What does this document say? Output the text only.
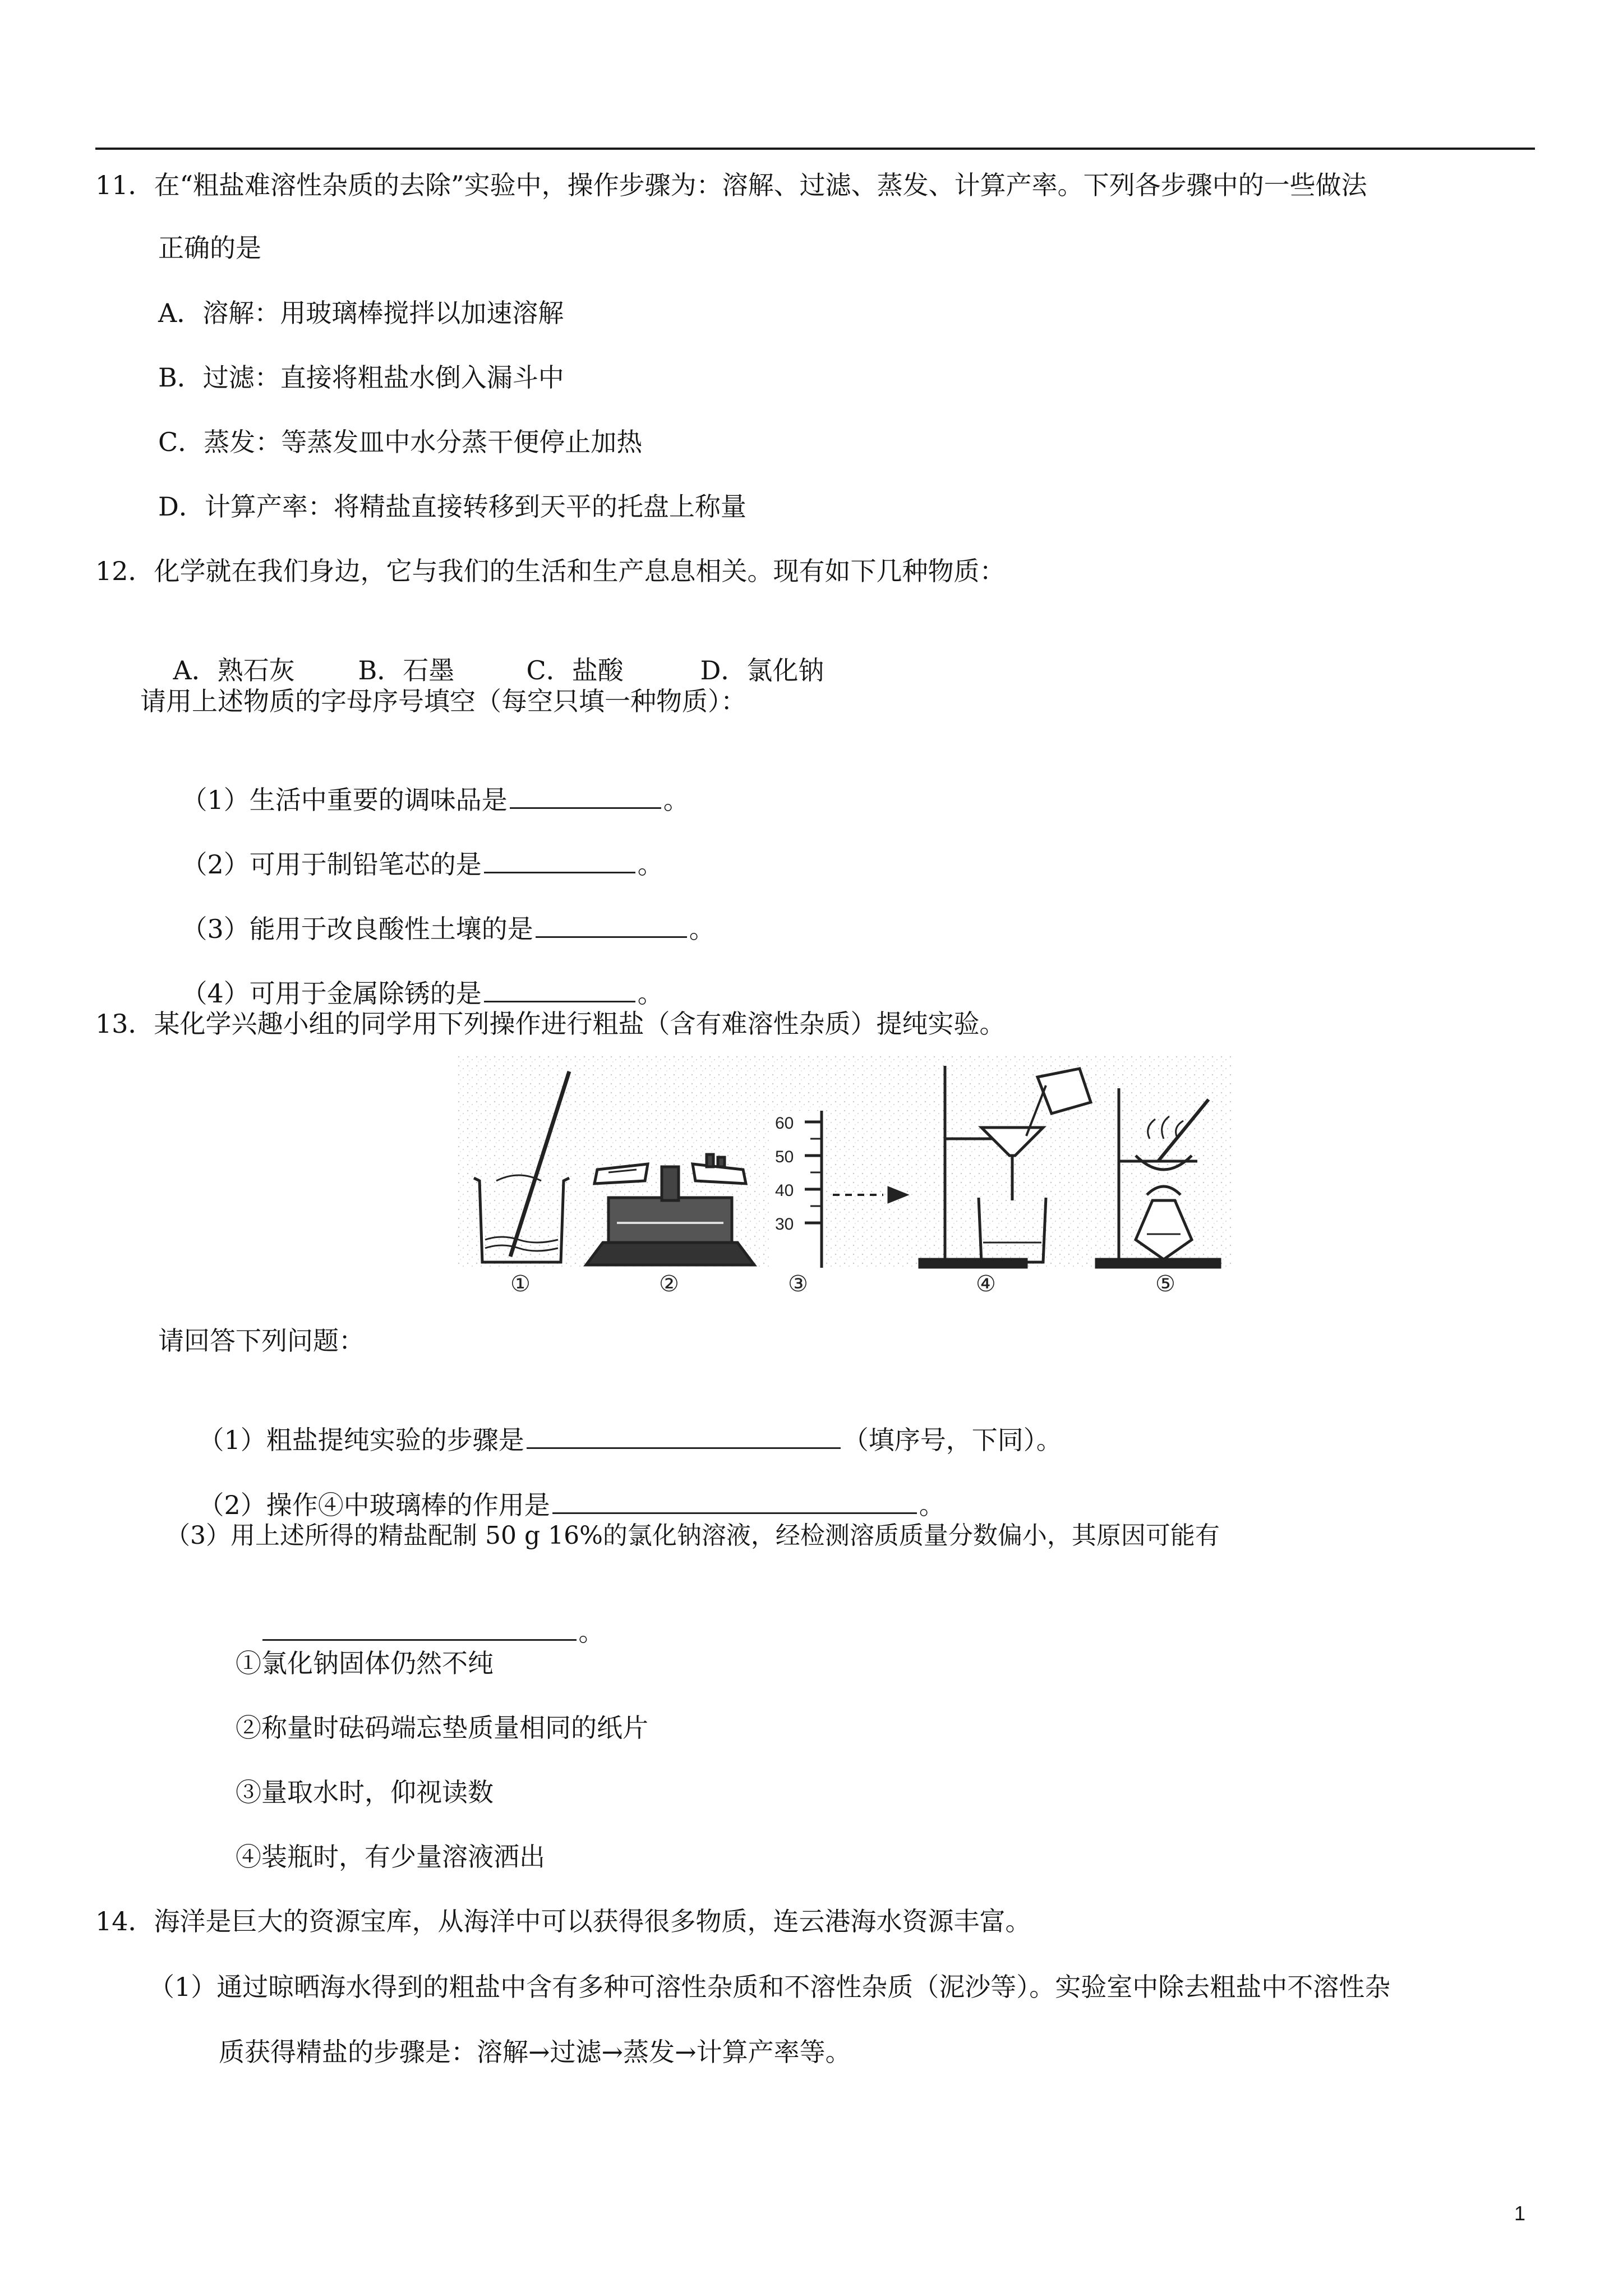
11．在“粗盐难溶性杂质的去除”实验中，操作步骤为：溶解、过滤、蒸发、计算产率。下列各步骤中的一些做法
正确的是
A．溶解：用玻璃棒搅拌以加速溶解
B．过滤：直接将粗盐水倒入漏斗中
C．蒸发：等蒸发皿中水分蒸干便停止加热
D．计算产率：将精盐直接转移到天平的托盘上称量
12．化学就在我们身边，它与我们的生活和生产息息相关。现有如下几种物质：

A．熟石灰 B．石墨	C．盐酸	D．氯化钠

请用上述物质的字母序号填空（每空只填一种物质）：

（1）生活中重要的调味品是	。

（2）可用于制铅笔芯的是	。

（3）能用于改良酸性土壤的是	。

（4）可用于金属除锈的是	。

13．某化学兴趣小组的同学用下列操作进行粗盐（含有难溶性杂质）提纯实验。
60
50
40
30
①	②	③	④	⑤
请回答下列问题：

（1）粗盐提纯实验的步骤是	（填序号，下同）。

（2）操作④中玻璃棒的作用是	。

（3）用上述所得的精盐配制 50 g 16%的氯化钠溶液，经检测溶质质量分数偏小，其原因可能有

。

①氯化钠固体仍然不纯
②称量时砝码端忘垫质量相同的纸片
③量取水时，仰视读数
④装瓶时，有少量溶液洒出
14．海洋是巨大的资源宝库，从海洋中可以获得很多物质，连云港海水资源丰富。
（1）通过晾晒海水得到的粗盐中含有多种可溶性杂质和不溶性杂质（泥沙等）。实验室中除去粗盐中不溶性杂
质获得精盐的步骤是：溶解→过滤→蒸发→计算产率等。
1
